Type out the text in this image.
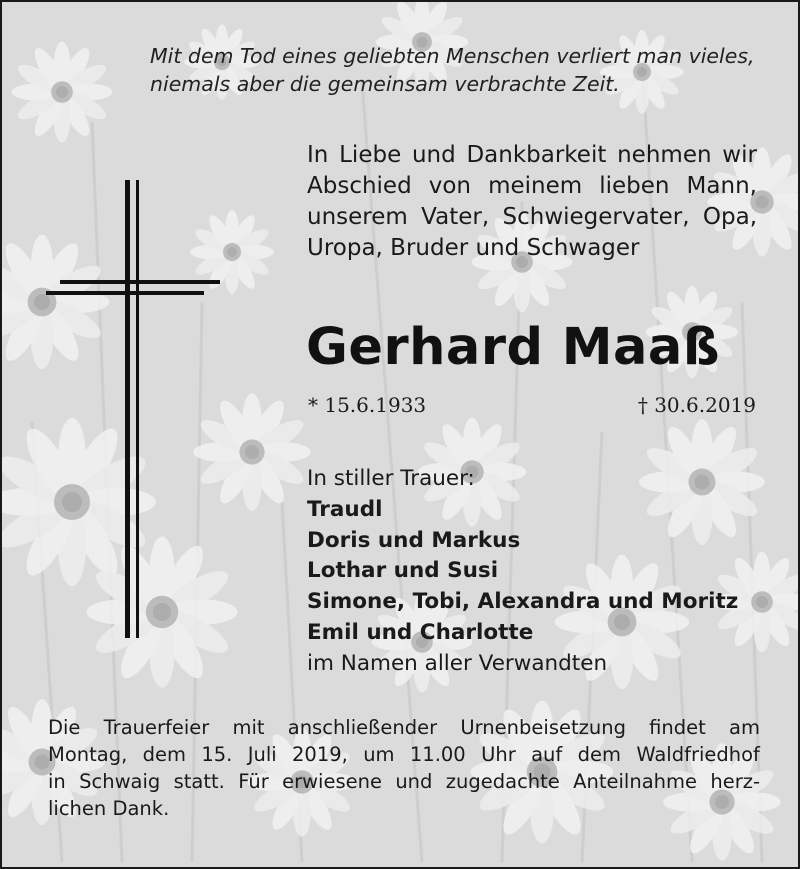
Mit dem Tod eines geliebten Menschen verliert man vieles,
niemals aber die gemeinsam verbrachte Zeit.
In Liebe und Dankbarkeit nehmen wir
Abschied von meinem lieben Mann,
unserem Vater, Schwiegervater, Opa,
Uropa, Bruder und Schwager
Gerhard Maaß
* 15.6.1933	† 30.6.2019
In stiller Trauer:
Traudl
Doris und Markus
Lothar und Susi
Simone, Tobi, Alexandra und Moritz
Emil und Charlotte
im Namen aller Verwandten
Die Trauerfeier mit anschließender Urnenbeisetzung findet am
Montag, dem 15. Juli 2019, um 11.00 Uhr auf dem Waldfriedhof
in Schwaig statt. Für erwiesene und zugedachte Anteilnahme herz-
lichen Dank.
